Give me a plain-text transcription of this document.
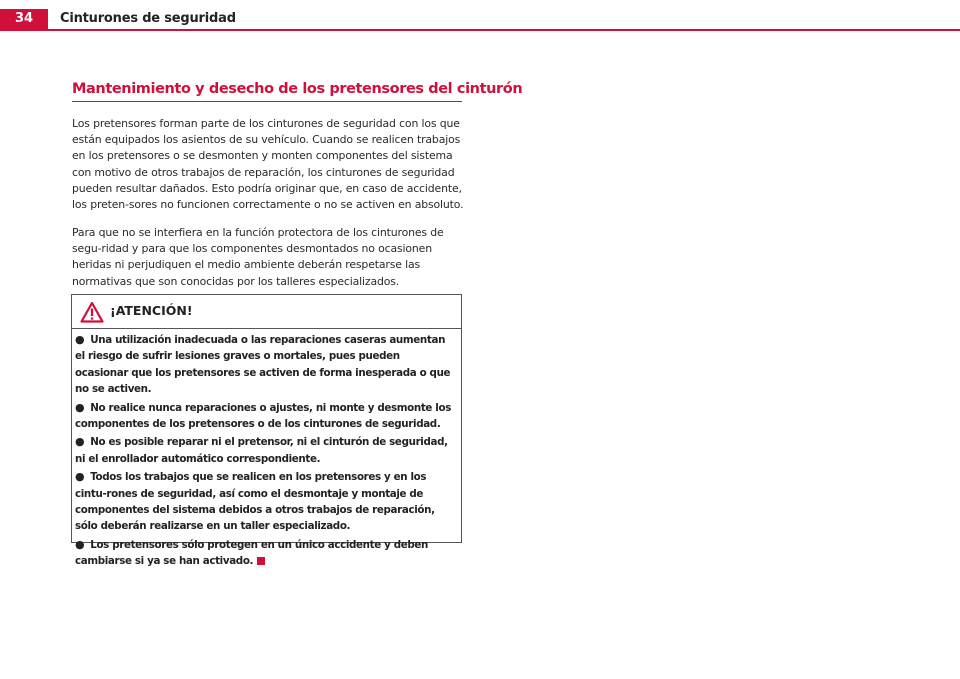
34	Cinturones de seguridad
Mantenimiento y desecho de los pretensores del cinturón

Los pretensores forman parte de los cinturones de seguridad con los que están equipados los asientos de su vehículo. Cuando se realicen trabajos en los pretensores o se desmonten y monten componentes del sistema con motivo de otros trabajos de reparación, los cinturones de seguridad pueden resultar dañados. Esto podría originar que, en caso de accidente, los preten-sores no funcionen correctamente o no se activen en absoluto.

Para que no se interfiera en la función protectora de los cinturones de segu-ridad y para que los componentes desmontados no ocasionen heridas ni perjudiquen el medio ambiente deberán respetarse las normativas que son conocidas por los talleres especializados.

¡ATENCIÓN!
● Una utilización inadecuada o las reparaciones caseras aumentan el riesgo de sufrir lesiones graves o mortales, pues pueden ocasionar que los pretensores se activen de forma inesperada o que no se activen.
● No realice nunca reparaciones o ajustes, ni monte y desmonte los componentes de los pretensores o de los cinturones de seguridad.
● No es posible reparar ni el pretensor, ni el cinturón de seguridad, ni el enrollador automático correspondiente.
● Todos los trabajos que se realicen en los pretensores y en los cintu-rones de seguridad, así como el desmontaje y montaje de componentes del sistema debidos a otros trabajos de reparación, sólo deberán realizarse en un taller especializado.
● Los pretensores sólo protegen en un único accidente y deben cambiarse si ya se han activado.
